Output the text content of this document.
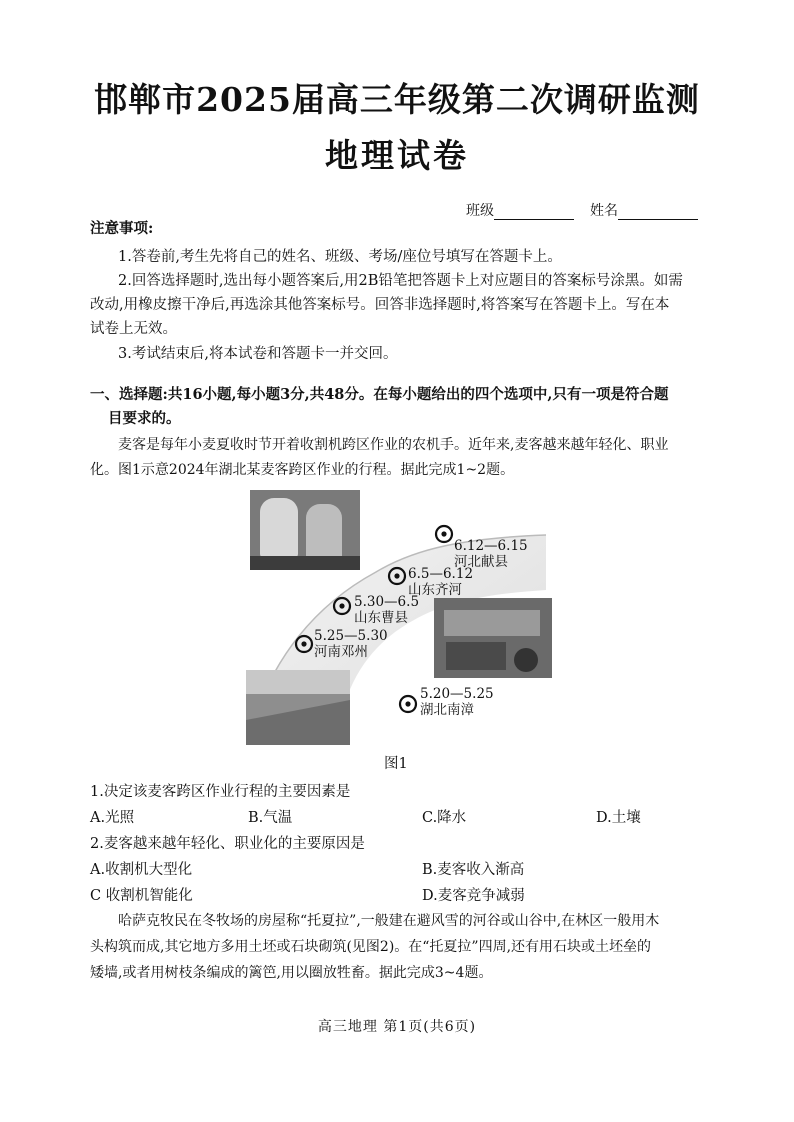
邯郸市2025届高三年级第二次调研监测
地理试卷
班级	姓名
注意事项:
1.答卷前,考生先将自己的姓名、班级、考场/座位号填写在答题卡上。
2.回答选择题时,选出每小题答案后,用2B铅笔把答题卡上对应题目的答案标号涂黑。如需
改动,用橡皮擦干净后,再选涂其他答案标号。回答非选择题时,将答案写在答题卡上。写在本
试卷上无效。
3.考试结束后,将本试卷和答题卡一并交回。
一、选择题:共16小题,每小题3分,共48分。在每小题给出的四个选项中,只有一项是符合题
目要求的。
麦客是每年小麦夏收时节开着收割机跨区作业的农机手。近年来,麦客越来越年轻化、职业
化。图1示意2024年湖北某麦客跨区作业的行程。据此完成1~2题。
6.12—6.15
河北献县
6.5—6.12
山东齐河
5.30—6.5
山东曹县
5.25—5.30
河南邓州
5.20—5.25
湖北南漳
图1
1.决定该麦客跨区作业行程的主要因素是
A.光照	B.气温	C.降水	D.土壤
2.麦客越来越年轻化、职业化的主要原因是
A.收割机大型化	B.麦客收入渐高
C 收割机智能化	D.麦客竞争减弱
哈萨克牧民在冬牧场的房屋称“托夏拉”,一般建在避风雪的河谷或山谷中,在林区一般用木
头构筑而成,其它地方多用土坯或石块砌筑(见图2)。在“托夏拉”四周,还有用石块或土坯垒的
矮墙,或者用树枝条编成的篱笆,用以圈放牲畜。据此完成3~4题。
高三地理 第1页(共6页)
